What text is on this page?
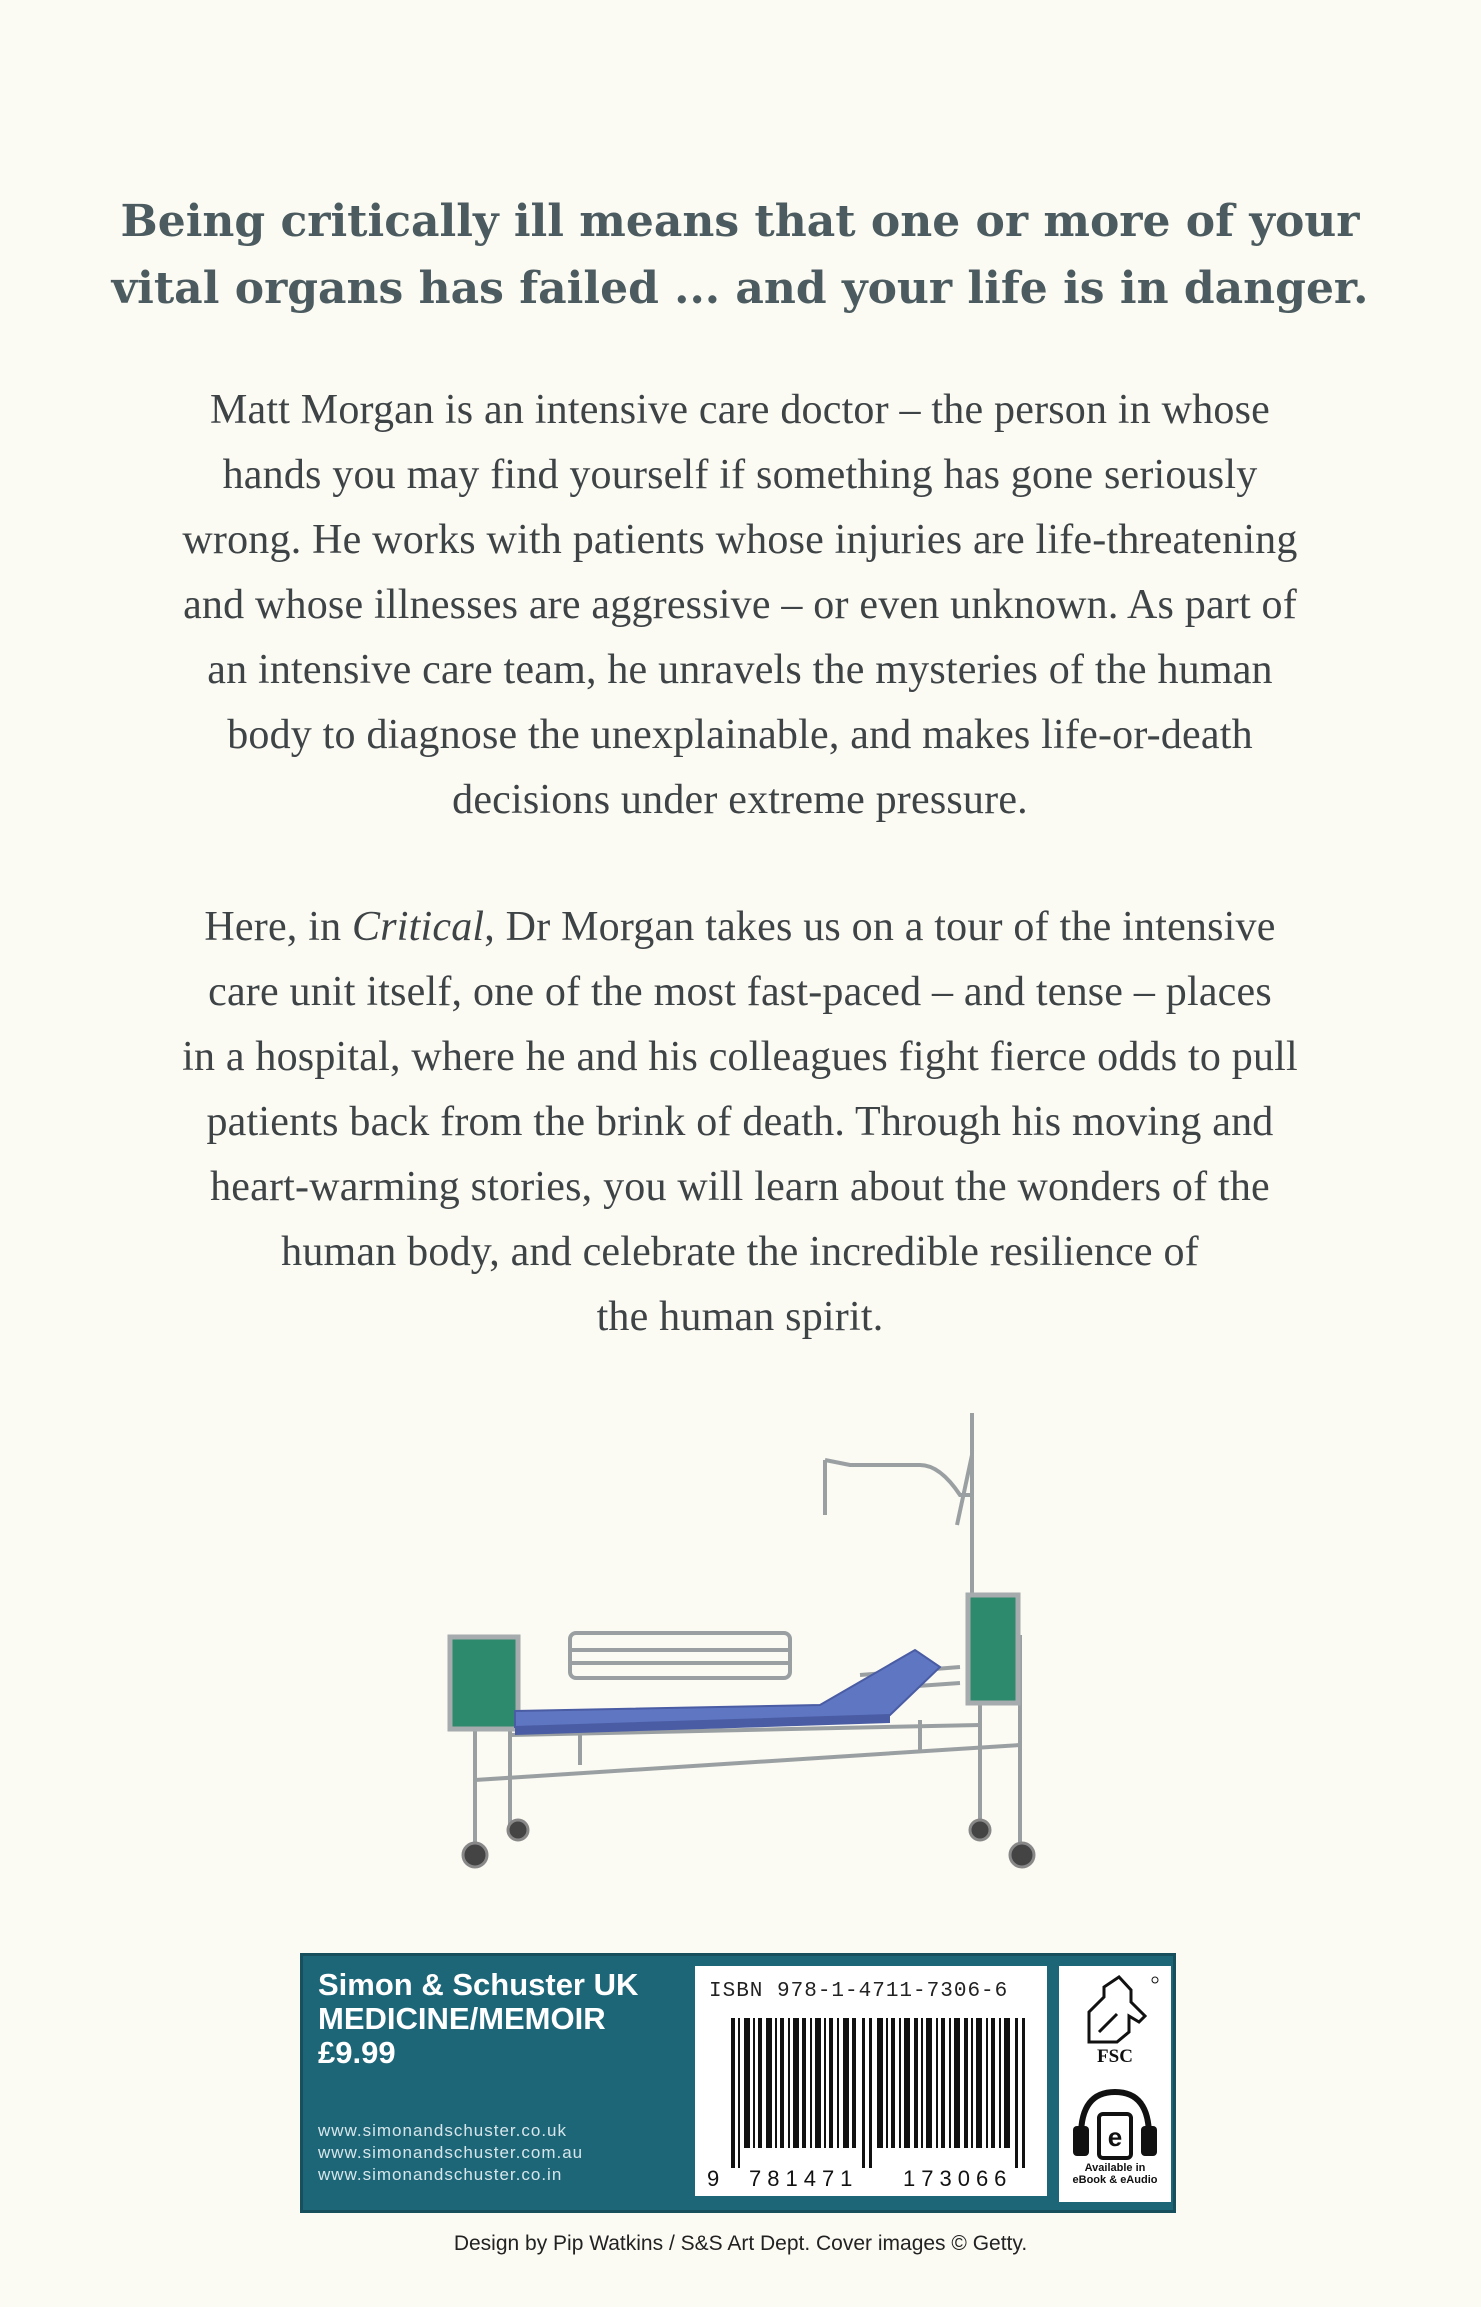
Being critically ill means that one or more of your
vital organs has failed ... and your life is in danger.
Matt Morgan is an intensive care doctor – the person in whose
hands you may find yourself if something has gone seriously
wrong. He works with patients whose injuries are life-threatening
and whose illnesses are aggressive – or even unknown. As part of
an intensive care team, he unravels the mysteries of the human
body to diagnose the unexplainable, and makes life-or-death
decisions under extreme pressure.
Here, in Critical, Dr Morgan takes us on a tour of the intensive
care unit itself, one of the most fast-paced – and tense – places
in a hospital, where he and his colleagues fight fierce odds to pull
patients back from the brink of death. Through his moving and
heart-warming stories, you will learn about the wonders of the
human body, and celebrate the incredible resilience of
the human spirit.
Simon & Schuster UK
MEDICINE/MEMOIR
£9.99
www.simonandschuster.co.uk
www.simonandschuster.com.au
www.simonandschuster.co.in
ISBN 978-1-4711-7306-6
9 781471 173066
FSC
e
Available in
eBook & eAudio
Design by Pip Watkins / S&S Art Dept. Cover images © Getty.
